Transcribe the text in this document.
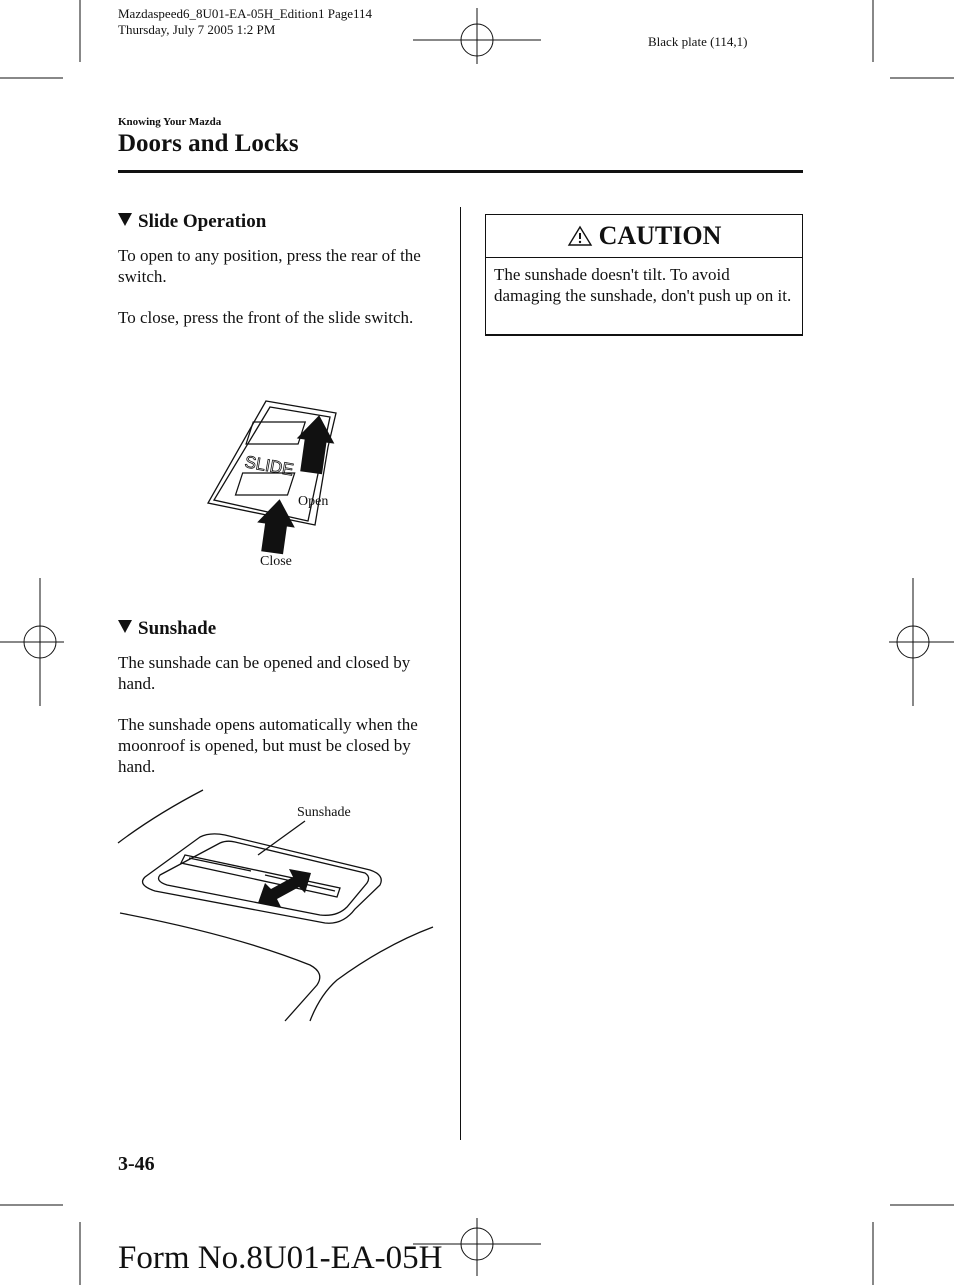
Mazdaspeed6_8U01-EA-05H_Edition1 Page114
Thursday, July 7 2005 1:2 PM
Black plate (114,1)
Knowing Your Mazda
Doors and Locks
Slide Operation

To open to any position, press the rear of the switch.

To close, press the front of the slide switch.

SLIDE
Open
Close
Sunshade

The sunshade can be opened and closed by hand.

The sunshade opens automatically when the moonroof is opened, but must be closed by hand.

Sunshade
CAUTION
The sunshade doesn't tilt. To avoid damaging the sunshade, don't push up on it.
3-46
Form No.8U01-EA-05H
